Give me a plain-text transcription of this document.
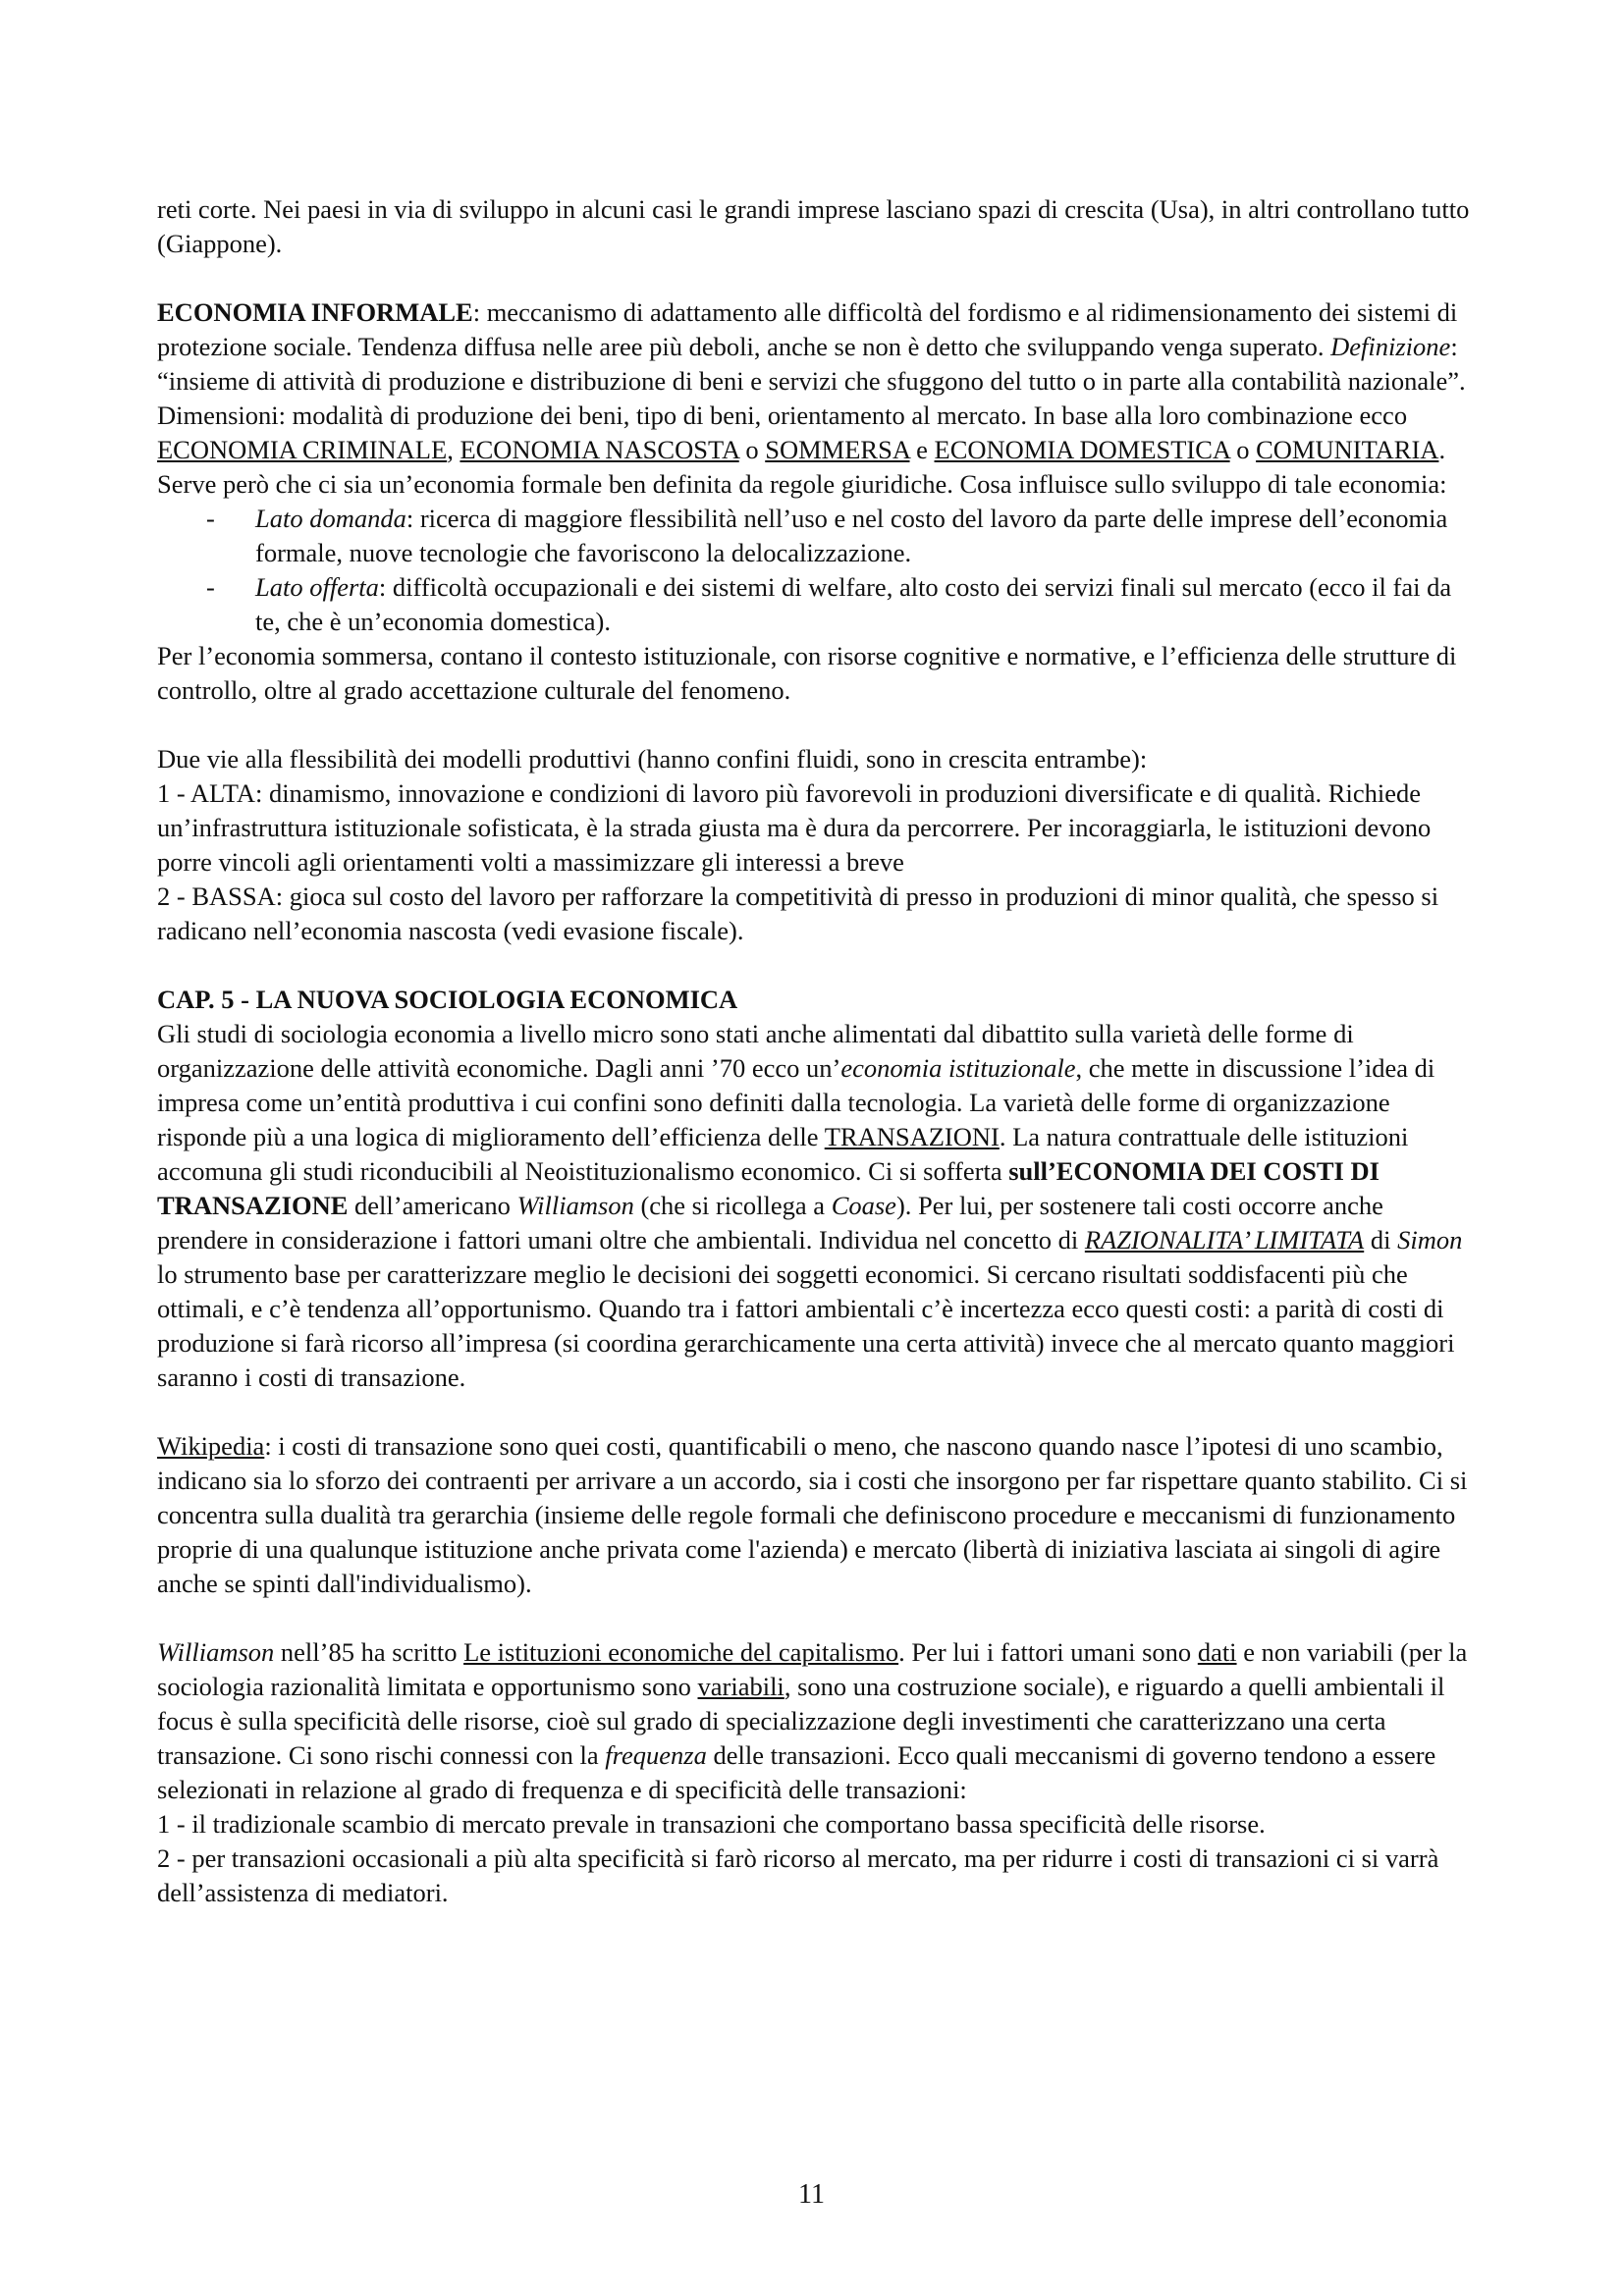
reti corte. Nei paesi in via di sviluppo in alcuni casi le grandi imprese lasciano spazi di crescita (Usa), in altri controllano tutto (Giappone).

ECONOMIA INFORMALE: meccanismo di adattamento alle difficoltà del fordismo e al ridimensionamento dei sistemi di protezione sociale. Tendenza diffusa nelle aree più deboli, anche se non è detto che sviluppando venga superato. Definizione: “insieme di attività di produzione e distribuzione di beni e servizi che sfuggono del tutto o in parte alla contabilità nazionale”.

Dimensioni: modalità di produzione dei beni, tipo di beni, orientamento al mercato. In base alla loro combinazione ecco ECONOMIA CRIMINALE, ECONOMIA NASCOSTA o SOMMERSA e ECONOMIA DOMESTICA o COMUNITARIA. Serve però che ci sia un’economia formale ben definita da regole giuridiche. Cosa influisce sullo sviluppo di tale economia:

- Lato domanda: ricerca di maggiore flessibilità nell’uso e nel costo del lavoro da parte delle imprese dell’economia formale, nuove tecnologie che favoriscono la delocalizzazione.
- Lato offerta: difficoltà occupazionali e dei sistemi di welfare, alto costo dei servizi finali sul mercato (ecco il fai da te, che è un’economia domestica).

Per l’economia sommersa, contano il contesto istituzionale, con risorse cognitive e normative, e l’efficienza delle strutture di controllo, oltre al grado accettazione culturale del fenomeno.

Due vie alla flessibilità dei modelli produttivi (hanno confini fluidi, sono in crescita entrambe):

1 - ALTA: dinamismo, innovazione e condizioni di lavoro più favorevoli in produzioni diversificate e di qualità. Richiede un’infrastruttura istituzionale sofisticata, è la strada giusta ma è dura da percorrere. Per incoraggiarla, le istituzioni devono porre vincoli agli orientamenti volti a massimizzare gli interessi a breve

2 - BASSA: gioca sul costo del lavoro per rafforzare la competitività di presso in produzioni di minor qualità, che spesso si radicano nell’economia nascosta (vedi evasione fiscale).

CAP. 5 - LA NUOVA SOCIOLOGIA ECONOMICA

Gli studi di sociologia economia a livello micro sono stati anche alimentati dal dibattito sulla varietà delle forme di organizzazione delle attività economiche. Dagli anni ’70 ecco un’economia istituzionale, che mette in discussione l’idea di impresa come un’entità produttiva i cui confini sono definiti dalla tecnologia. La varietà delle forme di organizzazione risponde più a una logica di miglioramento dell’efficienza delle TRANSAZIONI. La natura contrattuale delle istituzioni accomuna gli studi riconducibili al Neoistituzionalismo economico. Ci si sofferta sull’ECONOMIA DEI COSTI DI TRANSAZIONE dell’americano Williamson (che si ricollega a Coase). Per lui, per sostenere tali costi occorre anche prendere in considerazione i fattori umani oltre che ambientali. Individua nel concetto di RAZIONALITA’ LIMITATA di Simon lo strumento base per caratterizzare meglio le decisioni dei soggetti economici. Si cercano risultati soddisfacenti più che ottimali, e c’è tendenza all’opportunismo. Quando tra i fattori ambientali c’è incertezza ecco questi costi: a parità di costi di produzione si farà ricorso all’impresa (si coordina gerarchicamente una certa attività) invece che al mercato quanto maggiori saranno i costi di transazione.

Wikipedia: i costi di transazione sono quei costi, quantificabili o meno, che nascono quando nasce l’ipotesi di uno scambio, indicano sia lo sforzo dei contraenti per arrivare a un accordo, sia i costi che insorgono per far rispettare quanto stabilito. Ci si concentra sulla dualità tra gerarchia (insieme delle regole formali che definiscono procedure e meccanismi di funzionamento proprie di una qualunque istituzione anche privata come l'azienda) e mercato (libertà di iniziativa lasciata ai singoli di agire anche se spinti dall'individualismo).

Williamson nell’85 ha scritto Le istituzioni economiche del capitalismo. Per lui i fattori umani sono dati e non variabili (per la sociologia razionalità limitata e opportunismo sono variabili, sono una costruzione sociale), e riguardo a quelli ambientali il focus è sulla specificità delle risorse, cioè sul grado di specializzazione degli investimenti che caratterizzano una certa transazione. Ci sono rischi connessi con la frequenza delle transazioni. Ecco quali meccanismi di governo tendono a essere selezionati in relazione al grado di frequenza e di specificità delle transazioni:

1 - il tradizionale scambio di mercato prevale in transazioni che comportano bassa specificità delle risorse.

2 - per transazioni occasionali a più alta specificità si farò ricorso al mercato, ma per ridurre i costi di transazioni ci si varrà dell’assistenza di mediatori.

11
